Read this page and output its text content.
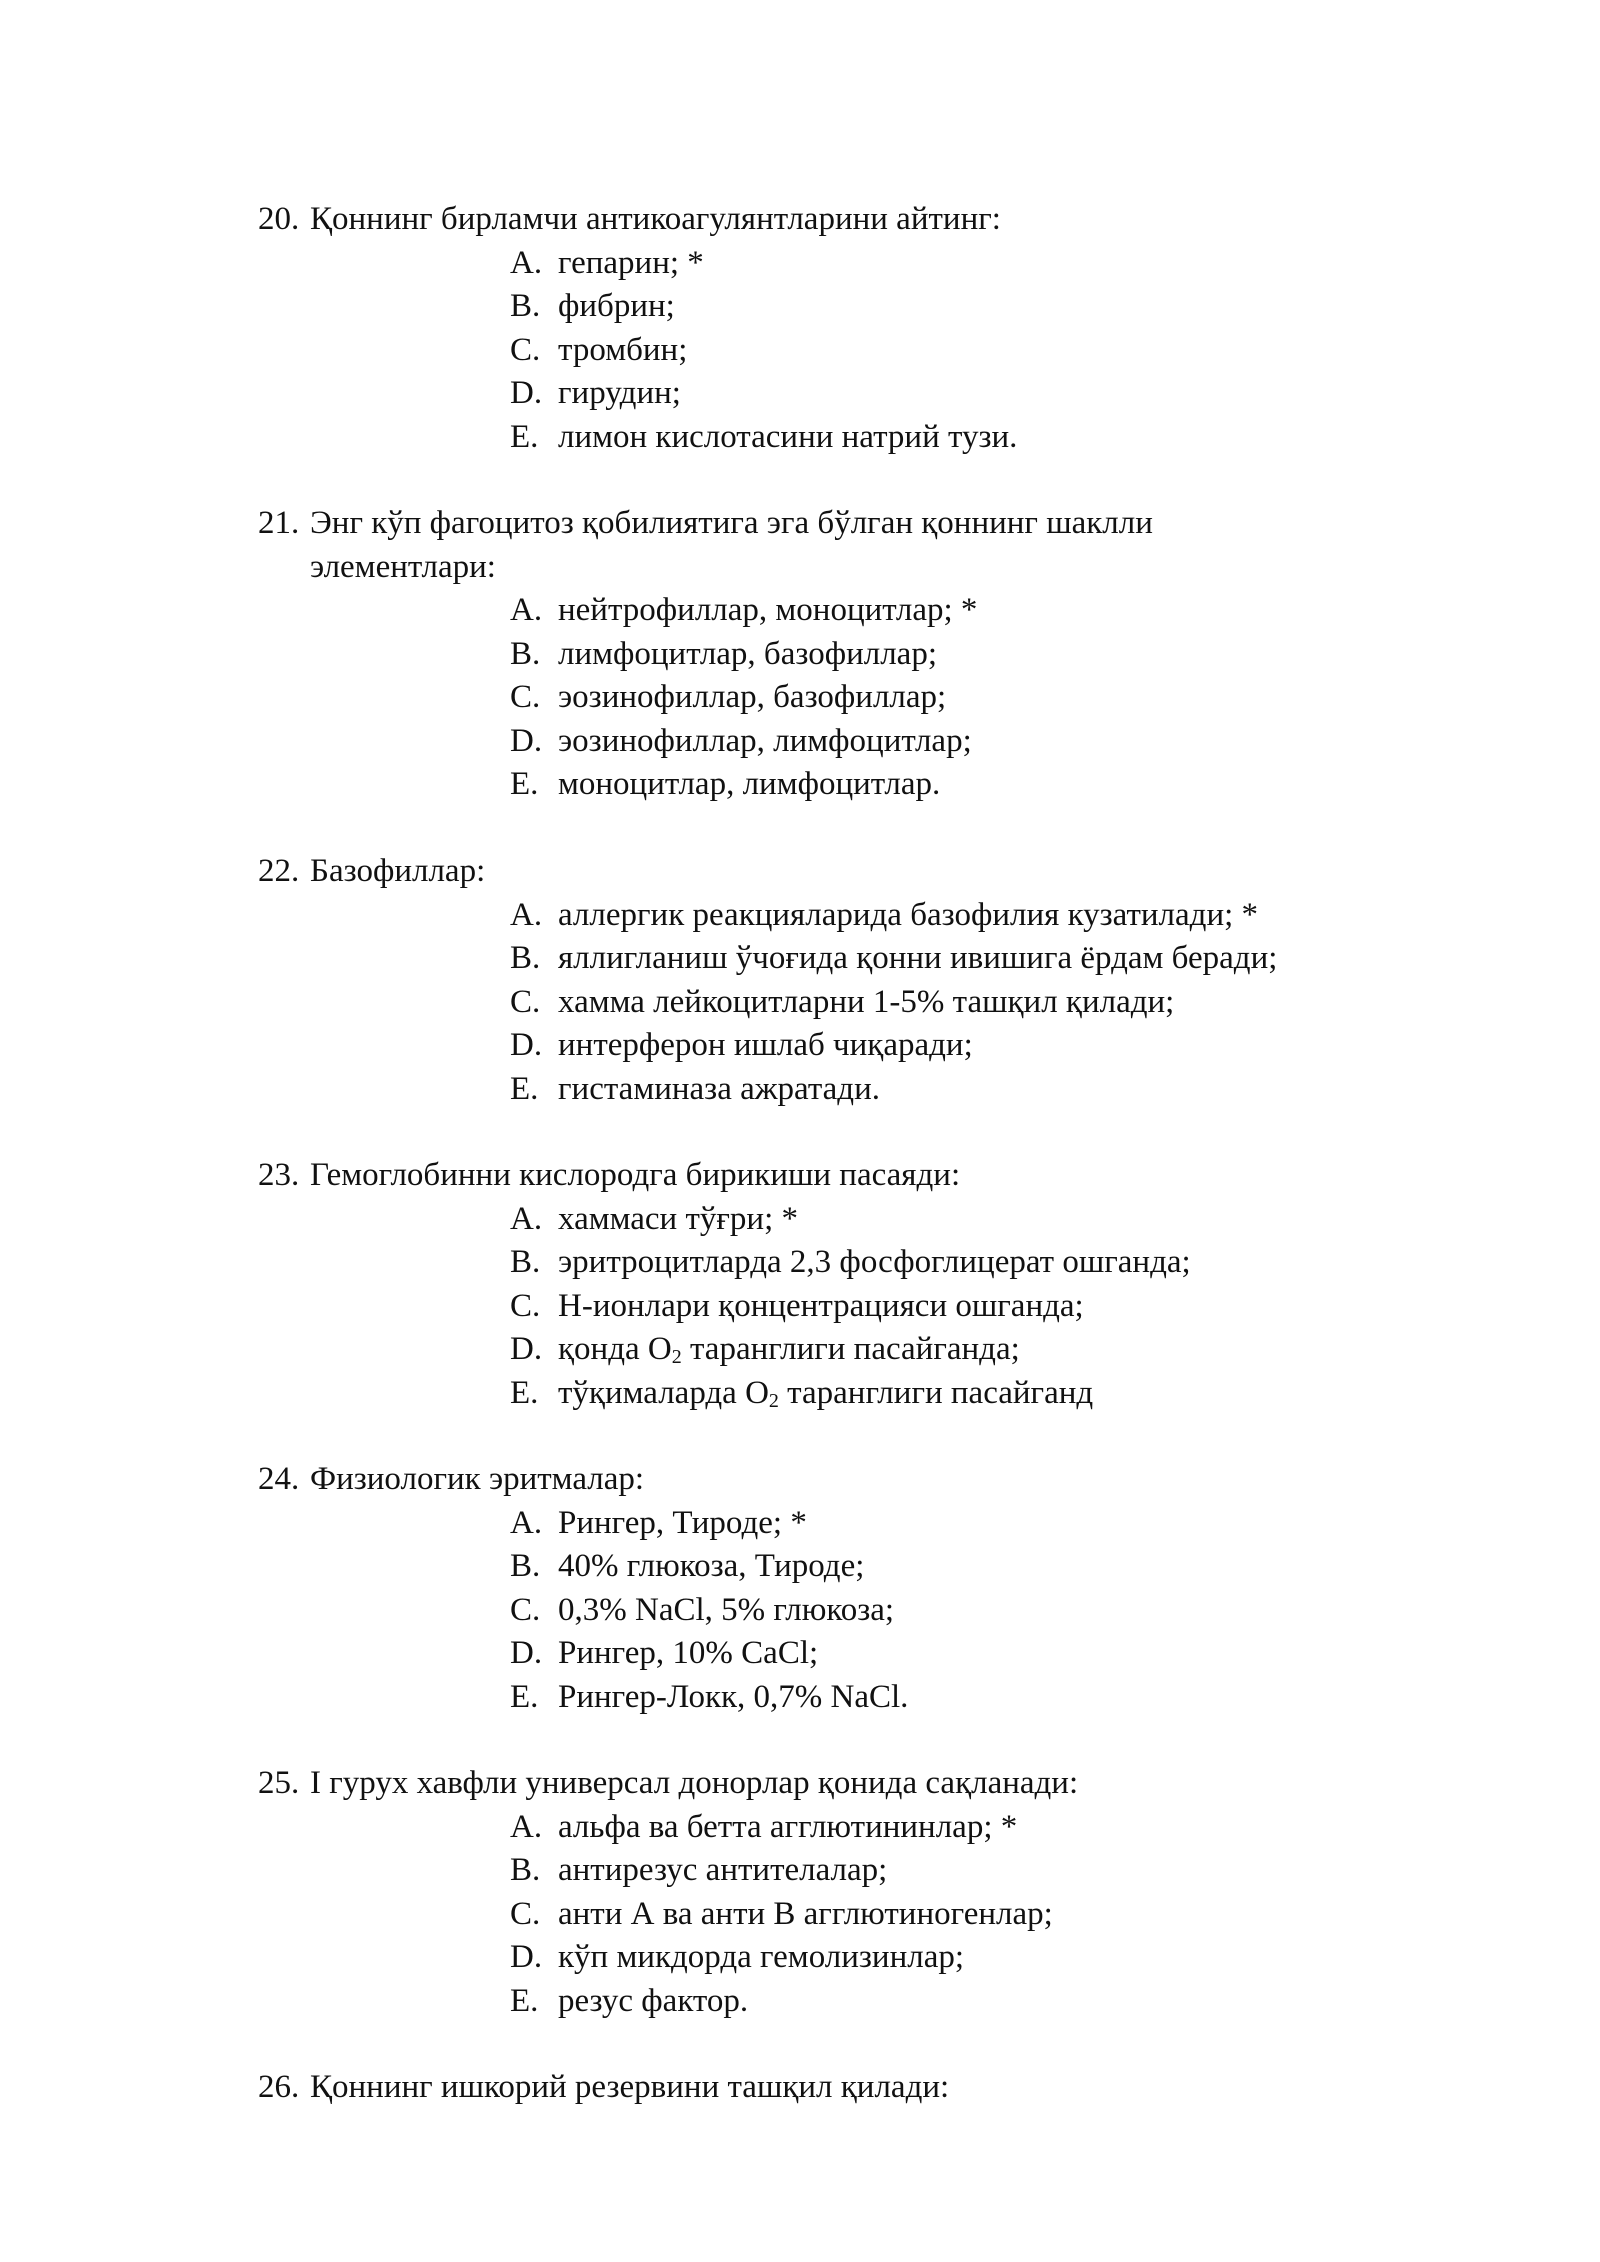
20. Қоннинг бирламчи антикоагулянтларини айтинг:
A. гепарин; *
B. фибрин;
C. тромбин;
D. гирудин;
E. лимон кислотасини натрий тузи.
21. Энг кўп фагоцитоз қобилиятига эга бўлган қоннинг шаклли элементлари:
A. нейтрофиллар, моноцитлар; *
B. лимфоцитлар, базофиллар;
C. эозинофиллар, базофиллар;
D. эозинофиллар, лимфоцитлар;
E. моноцитлар, лимфоцитлар.
22. Базофиллар:
A. аллергик реакцияларида базофилия кузатилади; *
B. яллигланиш ўчоғида қонни ивишига ёрдам беради;
C. хамма лейкоцитларни 1-5% ташқил қилади;
D. интерферон ишлаб чиқаради;
E. гистаминаза ажратади.
23. Гемоглобинни кислородга бирикиши пасаяди:
A. хаммаси тўғри; *
B. эритроцитларда 2,3 фосфоглицерат ошганда;
C. Н-ионлари қонцентрацияси ошганда;
D. қонда $О_2$ таранглиги пасайганда;
E. тўқималарда $О_2$ таранглиги пасайганд
24. Физиологик эритмалар:
A. Рингер, Тироде; *
B. 40% глюкоза, Тироде;
C. 0,3% NaCl, 5% глюкоза;
D. Рингер, 10% CaCl;
E. Рингер-Локк, 0,7% NaCl.
25. I гурух хавфли универсал донорлар қонида сақланади:
A. альфа ва бетта агглютининлар; *
B. антирезус антителалар;
C. анти А ва анти В агглютиногенлар;
D. кўп микдорда гемолизинлар;
E. резус фактор.
26. Қоннинг ишкорий резервини ташқил қилади:
